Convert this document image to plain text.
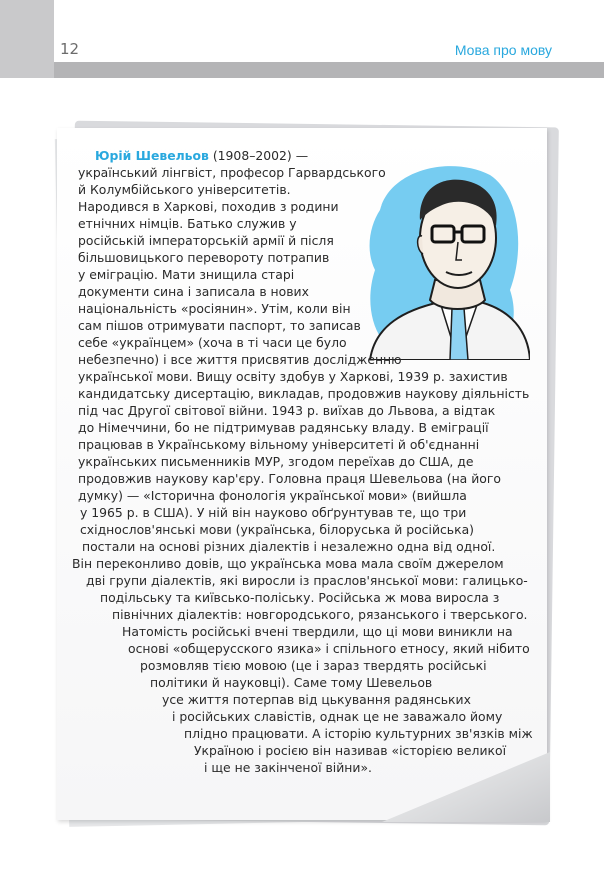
12	Мова про мову
Юрій Шевельов (1908–2002) —
український лінгвіст, професор Гарвардського
й Колумбійського університетів.
Народився в Харкові, походив з родини
етнічних німців. Батько служив у
російській імператорській армії й після
більшовицького перевороту потрапив
у еміграцію. Мати знищила старі
документи сина і записала в нових
національність «росіянин». Утім, коли він
сам пішов отримувати паспорт, то записав
себе «українцем» (хоча в ті часи це було
небезпечно) і все життя присвятив дослідженню
української мови. Вищу освіту здобув у Харкові, 1939 р. захистив
кандидатську дисертацію, викладав, продовжив наукову діяльність
під час Другої світової війни. 1943 р. виїхав до Львова, а відтак
до Німеччини, бо не підтримував радянську владу. В еміграції
працював в Українському вільному університеті й об'єднанні
українських письменників МУР, згодом переїхав до США, де
продовжив наукову кар'єру. Головна праця Шевельова (на його
думку) — «Історична фонологія української мови» (вийшла
у 1965 р. в США). У ній він науково обґрунтував те, що три
східнослов'янські мови (українська, білоруська й російська)
постали на основі різних діалектів і незалежно одна від одної.
Він переконливо довів, що українська мова мала своїм джерелом
дві групи діалектів, які виросли із праслов'янської мови: галицько-
подільську та київсько-поліську. Російська ж мова виросла з
північних діалектів: новгородського, рязанського і тверського.
Натомість російські вчені твердили, що ці мови виникли на
основі «общерусского язика» і спільного етносу, який нібито
розмовляв тією мовою (це і зараз твердять російські
політики й науковці). Саме тому Шевельов
усе життя потерпав від цькування радянських
і російських славістів, однак це не заважало йому
плідно працювати. А історію культурних зв'язків між
Україною і росією він називав «історією великої
і ще не закінченої війни».
